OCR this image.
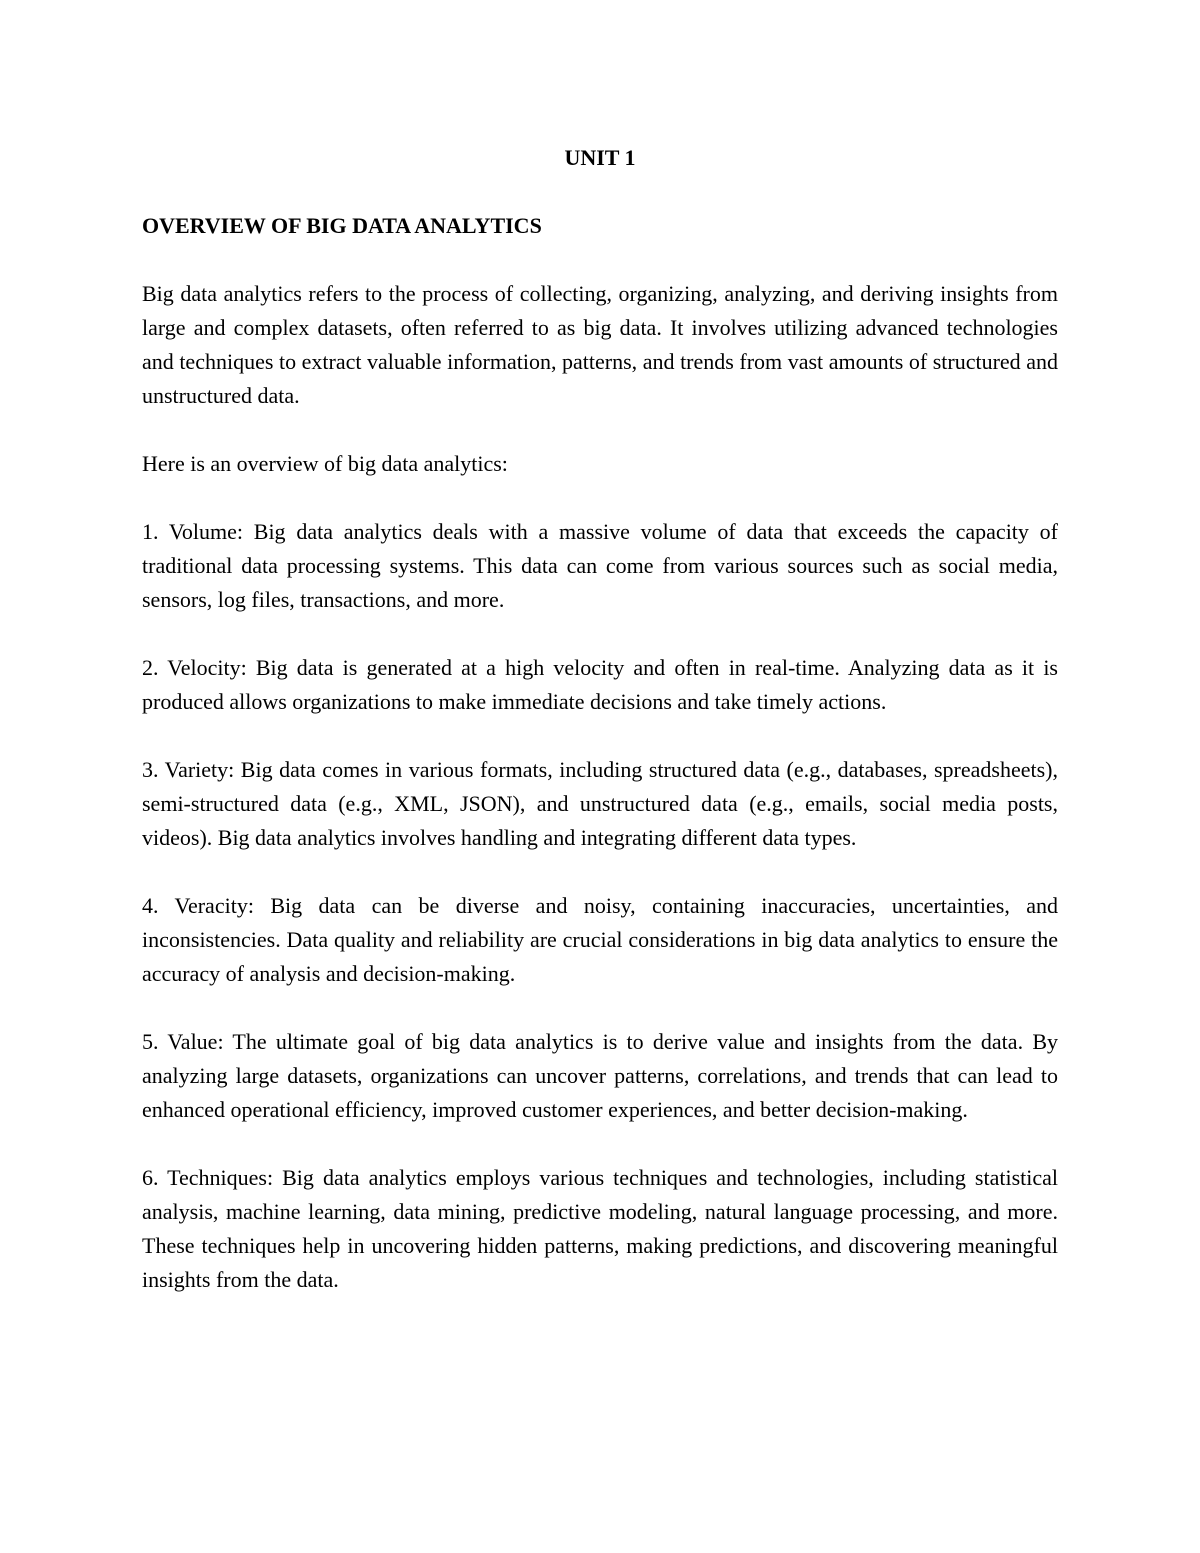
UNIT 1

OVERVIEW OF BIG DATA ANALYTICS

Big data analytics refers to the process of collecting, organizing, analyzing, and deriving insights from large and complex datasets, often referred to as big data. It involves utilizing advanced technologies and techniques to extract valuable information, patterns, and trends from vast amounts of structured and unstructured data.

Here is an overview of big data analytics:

1. Volume: Big data analytics deals with a massive volume of data that exceeds the capacity of traditional data processing systems. This data can come from various sources such as social media, sensors, log files, transactions, and more.

2. Velocity: Big data is generated at a high velocity and often in real-time. Analyzing data as it is produced allows organizations to make immediate decisions and take timely actions.

3. Variety: Big data comes in various formats, including structured data (e.g., databases, spreadsheets), semi-structured data (e.g., XML, JSON), and unstructured data (e.g., emails, social media posts, videos). Big data analytics involves handling and integrating different data types.

4. Veracity: Big data can be diverse and noisy, containing inaccuracies, uncertainties, and inconsistencies. Data quality and reliability are crucial considerations in big data analytics to ensure the accuracy of analysis and decision-making.

5. Value: The ultimate goal of big data analytics is to derive value and insights from the data. By analyzing large datasets, organizations can uncover patterns, correlations, and trends that can lead to enhanced operational efficiency, improved customer experiences, and better decision-making.

6. Techniques: Big data analytics employs various techniques and technologies, including statistical analysis, machine learning, data mining, predictive modeling, natural language processing, and more. These techniques help in uncovering hidden patterns, making predictions, and discovering meaningful insights from the data.
